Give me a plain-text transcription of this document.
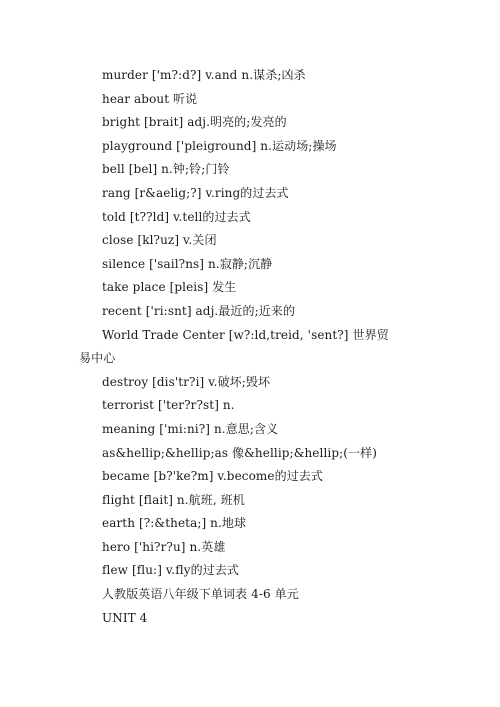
murder ['m?:d?] v.and n.谋杀;凶杀
hear about 听说
bright [brait] adj.明亮的;发亮的
playground ['pleiground] n.运动场;操场
bell [bel] n.钟;铃;门铃
rang [r&aelig;?] v.ring的过去式
told [t??ld] v.tell的过去式
close [kl?uz] v.关闭
silence ['sail?ns] n.寂静;沉静
take place [pleis] 发生
recent ['ri:snt] adj.最近的;近来的
World Trade Center [w?:ld,treid, 'sent?] 世界贸
易中心
destroy [dis'tr?i] v.破坏;毁坏
terrorist ['ter?r?st] n.
meaning ['mi:ni?] n.意思;含义
as&hellip;&hellip;as 像&hellip;&hellip;(一样)
became [b?'ke?m] v.become的过去式
flight [flait] n.航班, 班机
earth [?:&theta;] n.地球
hero ['hi?r?u] n.英雄
flew [flu:] v.fly的过去式
人教版英语八年级下单词表 4-6 单元
UNIT 4
